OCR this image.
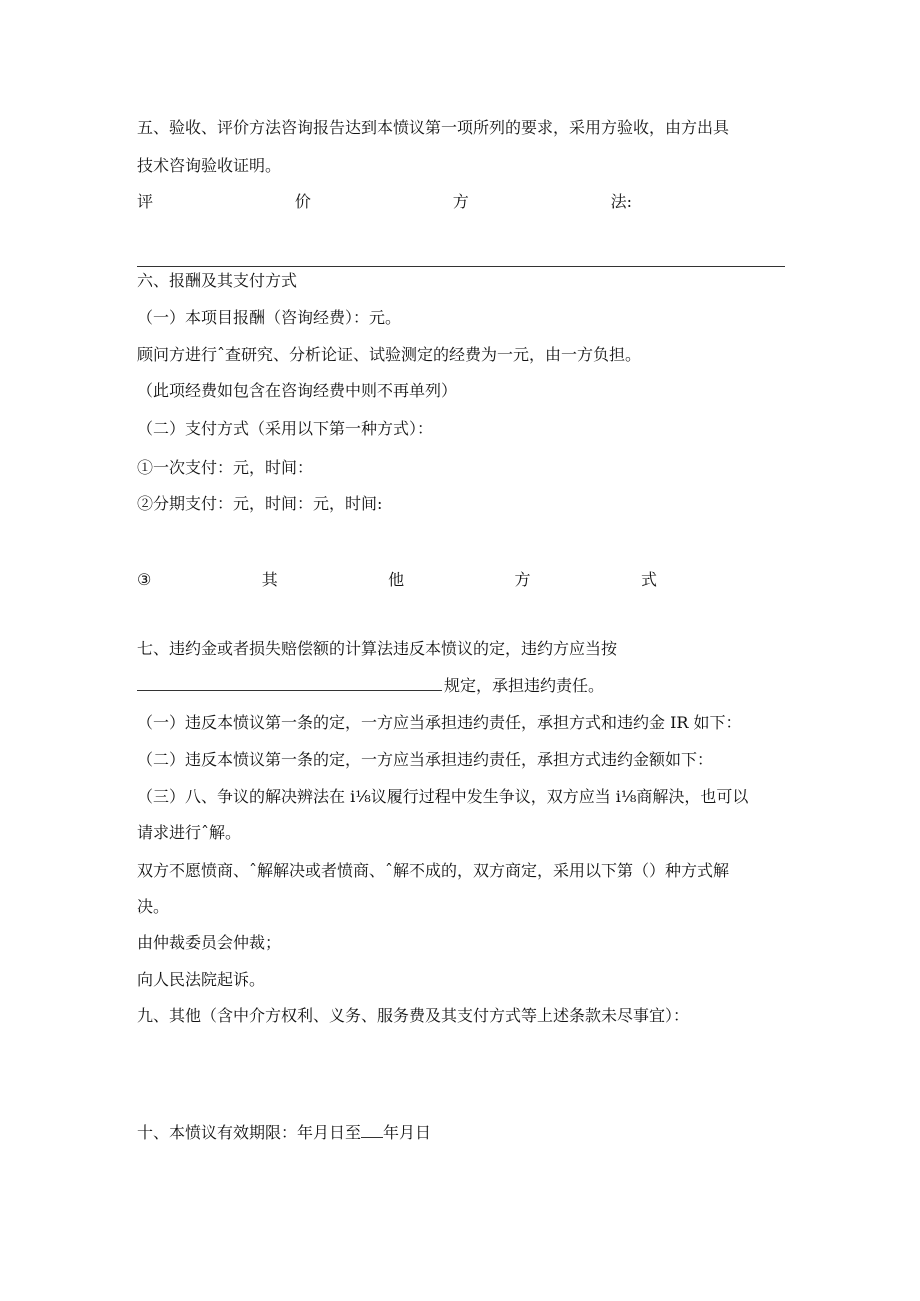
五、验收、评价方法咨询报告达到本愤议第一项所列的要求，采用方验收，由方出具
技术咨询验收证明。
评	价	方	法:
六、报酬及其支付方式
（一）本项目报酬（咨询经费）：元。
顾问方进行ˆ查研究、分析论证、试验测定的经费为一元，由一方负担。
（此项经费如包含在咨询经费中则不再单列）
（二）支付方式（采用以下第一种方式）：
①一次支付：元，时间：
②分期支付：元，时间：元，时间:
③	其	他	方	式
七、违约金或者损失赔偿额的计算法违反本愤议的定，违约方应当按
规定，承担违约责任。
（一）违反本愤议第一条的定，一方应当承担违约责任，承担方式和违约金 IR 如下：
（二）违反本愤议第一条的定，一方应当承担违约责任，承担方式违约金额如下：
（三）八、争议的解决辨法在 i⅛议履行过程中发生争议，双方应当 i⅛商解決，也可以
请求进行ˆ解。
双方不愿愤商、ˆ解解决或者愤商、ˆ解不成的，双方商定，采用以下第（）种方式解
决。
由仲裁委员会仲裁；
向人民法院起诉。
九、其他（含中介方权利、义务、服务费及其支付方式等上述条款未尽事宜）：
十、本愤议有效期限：年月日至 年月日
